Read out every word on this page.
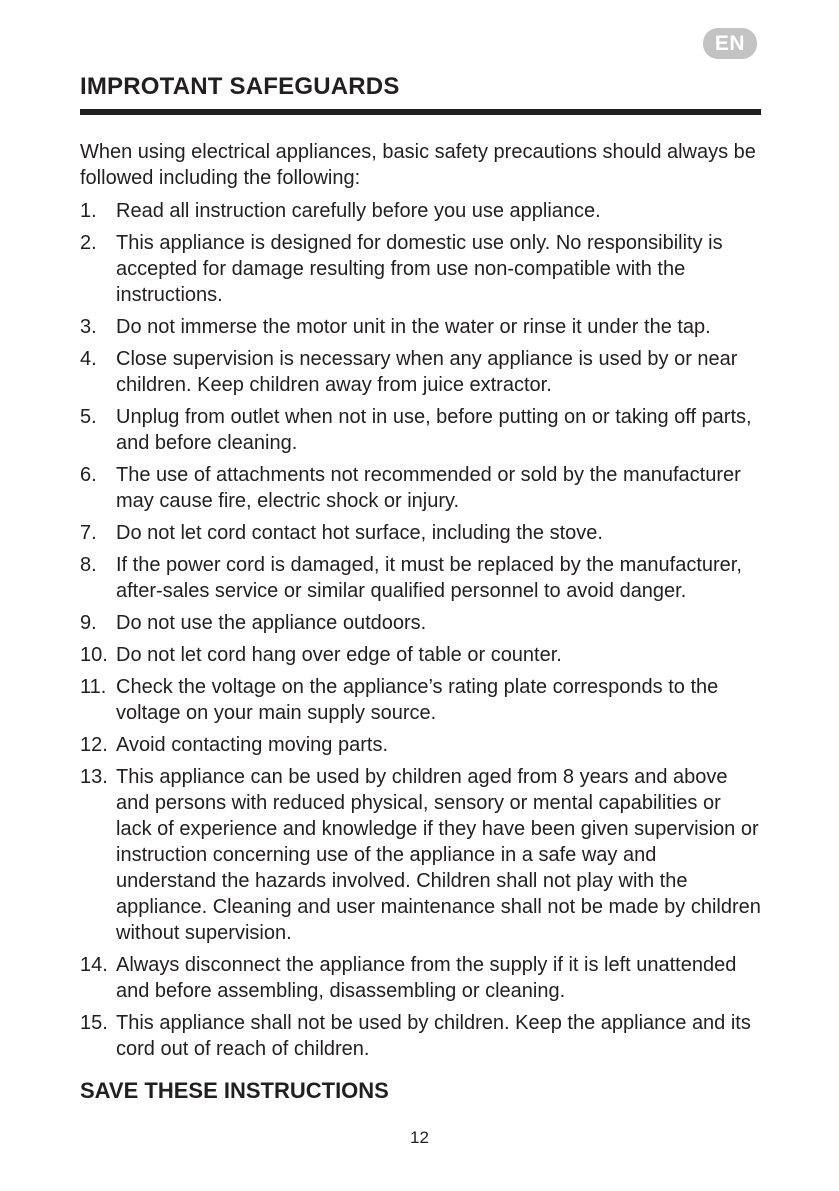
EN
IMPROTANT SAFEGUARDS

When using electrical appliances, basic safety precautions should always be followed including the following:

1. Read all instruction carefully before you use appliance.
2. This appliance is designed for domestic use only. No responsibility is accepted for damage resulting from use non-compatible with the instructions.
3. Do not immerse the motor unit in the water or rinse it under the tap.
4. Close supervision is necessary when any appliance is used by or near children. Keep children away from juice extractor.
5. Unplug from outlet when not in use, before putting on or taking off parts, and before cleaning.
6. The use of attachments not recommended or sold by the manufacturer may cause fire, electric shock or injury.
7. Do not let cord contact hot surface, including the stove.
8. If the power cord is damaged, it must be replaced by the manufacturer, after-sales service or similar qualified personnel to avoid danger.
9. Do not use the appliance outdoors.
10. Do not let cord hang over edge of table or counter.
11. Check the voltage on the appliance’s rating plate corresponds to the voltage on your main supply source.
12. Avoid contacting moving parts.
13. This appliance can be used by children aged from 8 years and above and persons with reduced physical, sensory or mental capabilities or lack of experience and knowledge if they have been given supervision or instruction concerning use of the appliance in a safe way and understand the hazards involved. Children shall not play with the appliance. Cleaning and user maintenance shall not be made by children without supervision.
14. Always disconnect the appliance from the supply if it is left unattended and before assembling, disassembling or cleaning.
15. This appliance shall not be used by children. Keep the appliance and its cord out of reach of children.
SAVE THESE INSTRUCTIONS
12
